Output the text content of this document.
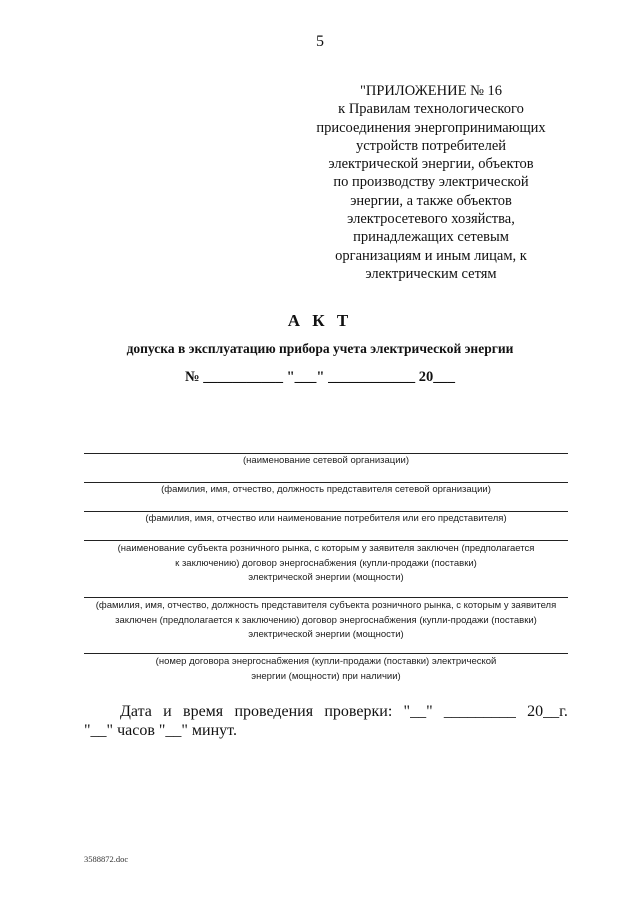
5
"ПРИЛОЖЕНИЕ № 16
к Правилам технологического
присоединения энергопринимающих
устройств потребителей
электрической энергии, объектов
по производству электрической
энергии, а также объектов
электросетевого хозяйства,
принадлежащих сетевым
организациям и иным лицам, к
электрическим сетям
А К Т
допуска в эксплуатацию прибора учета электрической энергии
№ ___________ "___" ____________ 20___
(наименование сетевой организации)
(фамилия, имя, отчество, должность представителя сетевой организации)
(фамилия, имя, отчество или наименование потребителя или его представителя)
(наименование субъекта розничного рынка, с которым у заявителя заключен (предполагается
к заключению) договор энергоснабжения (купли-продажи (поставки)
электрической энергии (мощности)
(фамилия, имя, отчество, должность представителя субъекта розничного рынка, с которым у заявителя
заключен (предполагается к заключению) договор энергоснабжения (купли-продажи (поставки)
электрической энергии (мощности)
(номер договора энергоснабжения (купли-продажи (поставки) электрической
энергии (мощности) при наличии)
Дата и время проведения проверки: "__" _________ 20__г.
"__" часов "__" минут.
3588872.doc
